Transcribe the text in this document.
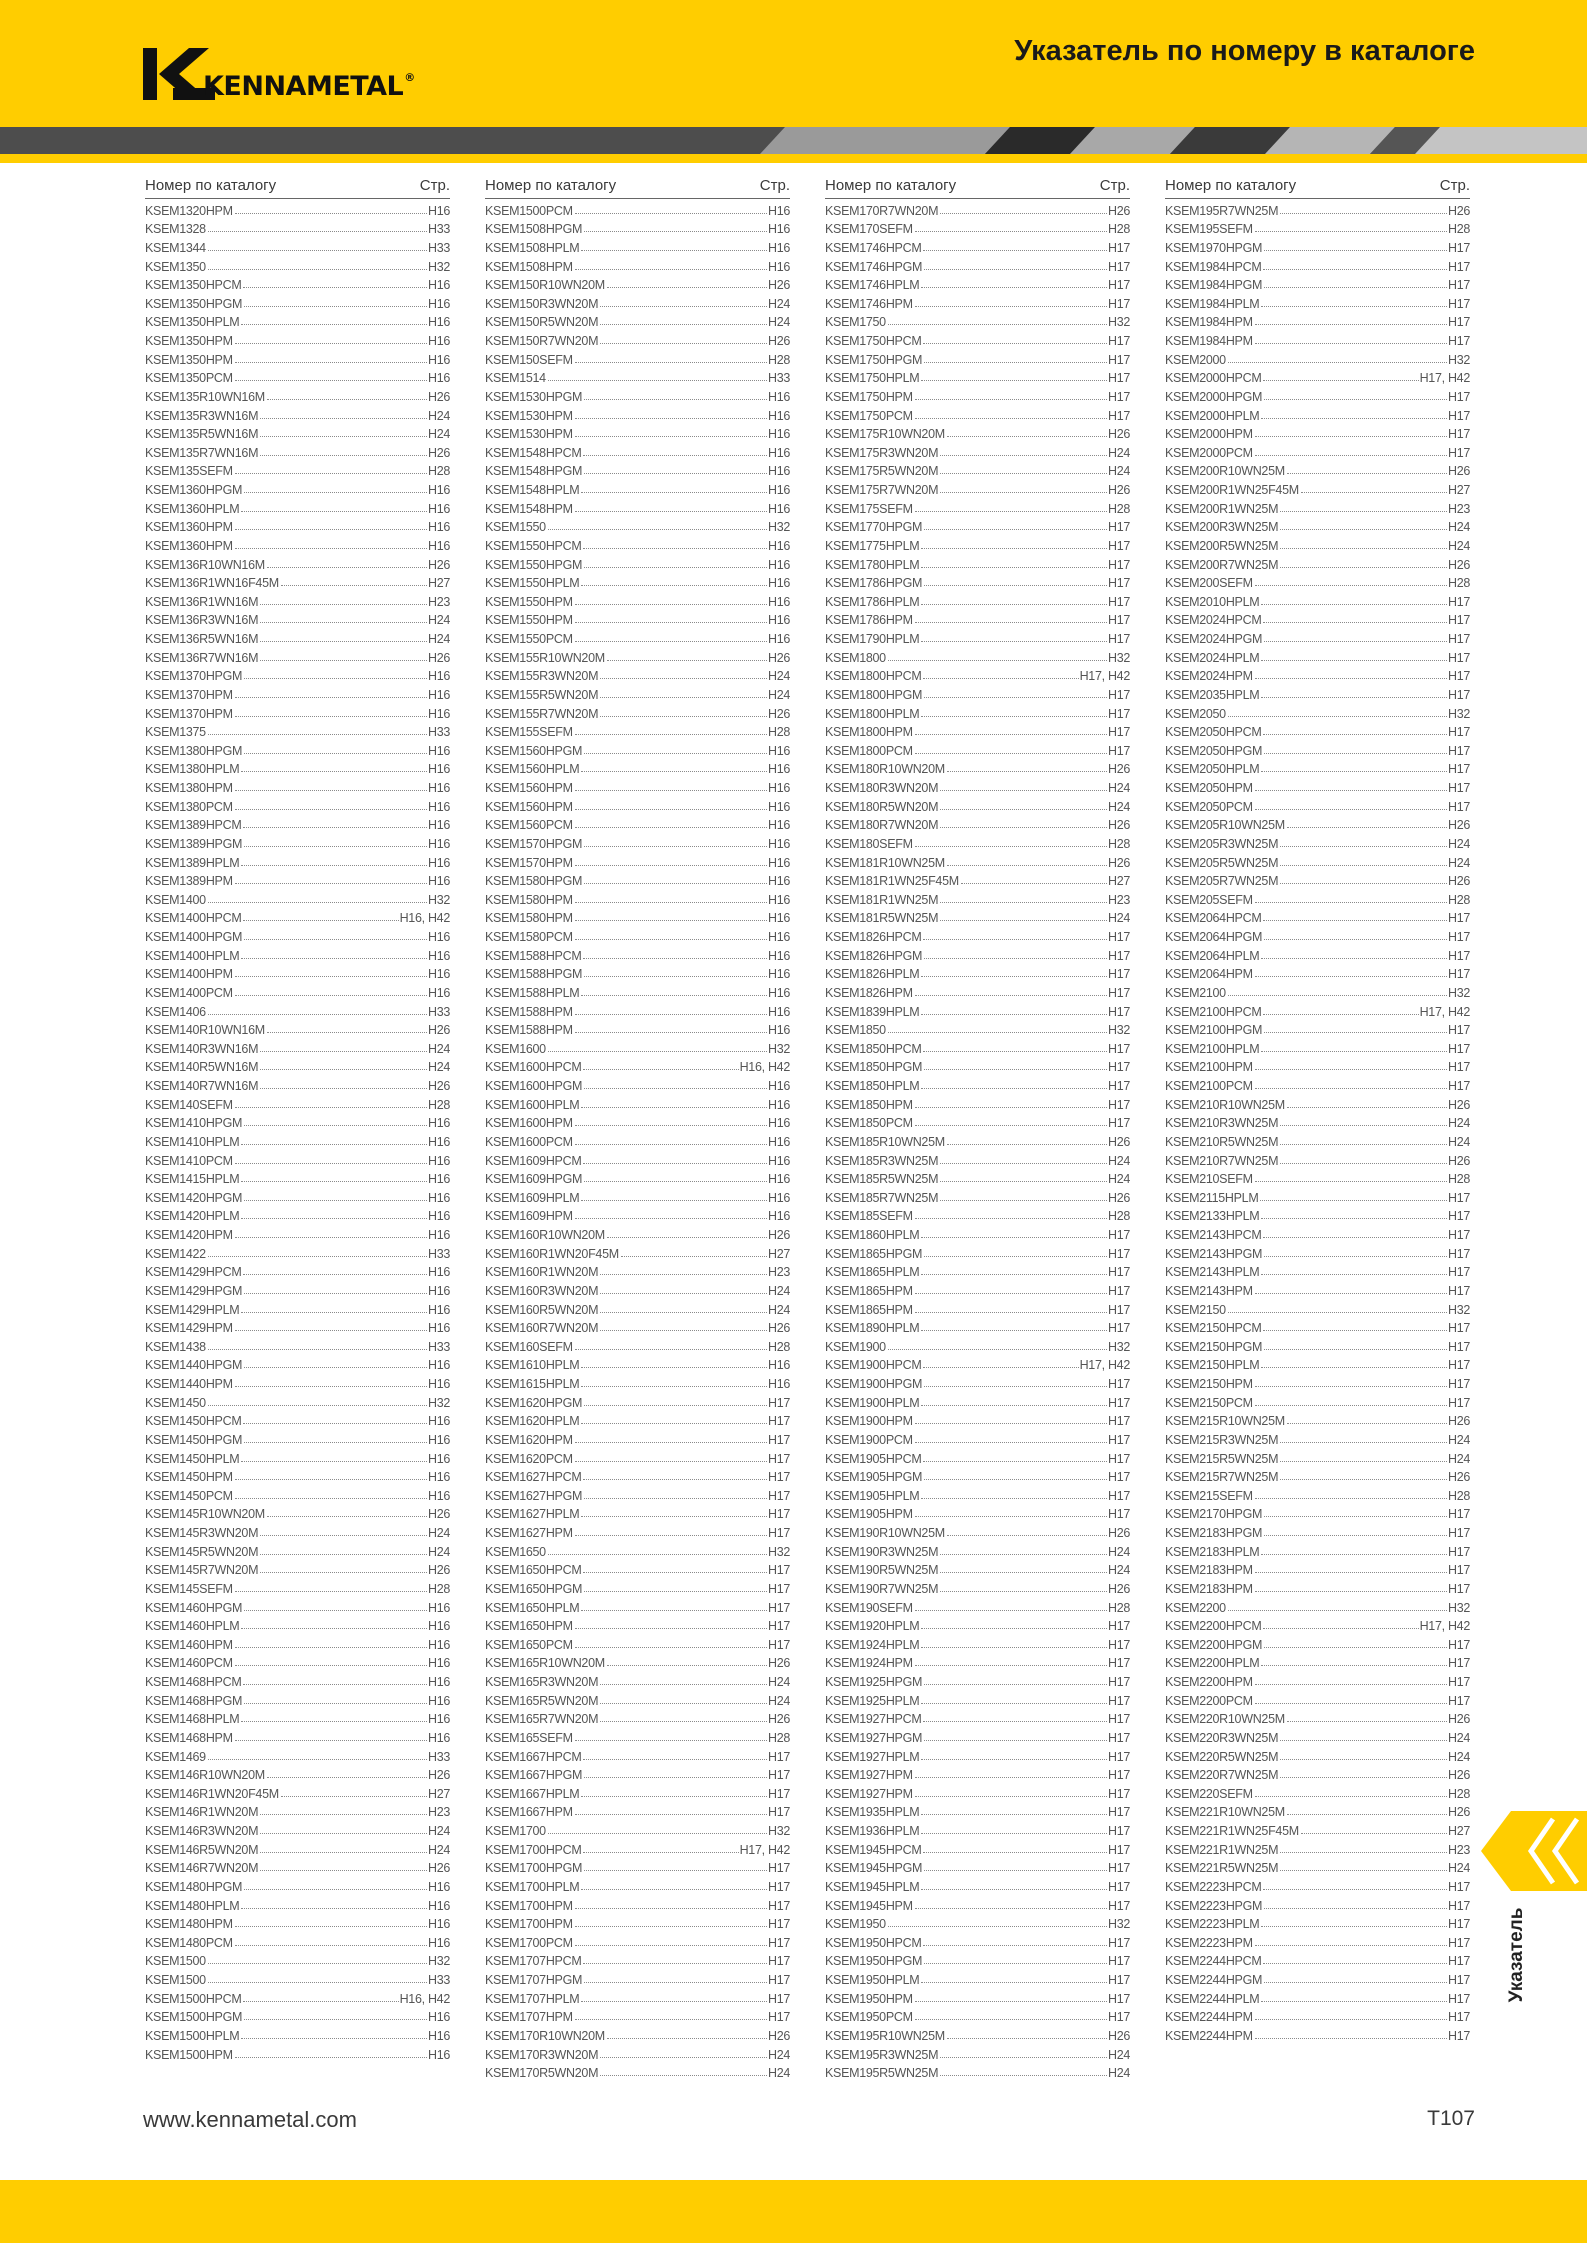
KENNAMETAL®
Указатель по номеру в каталоге
Номер по каталогу	Стр.
KSEM1320HPM	H16
KSEM1328	H33
KSEM1344	H33
KSEM1350	H32
KSEM1350HPCM	H16
KSEM1350HPGM	H16
KSEM1350HPLM	H16
KSEM1350HPM	H16
KSEM1350HPM	H16
KSEM1350PCM	H16
KSEM135R10WN16M	H26
KSEM135R3WN16M	H24
KSEM135R5WN16M	H24
KSEM135R7WN16M	H26
KSEM135SEFM	H28
KSEM1360HPGM	H16
KSEM1360HPLM	H16
KSEM1360HPM	H16
KSEM1360HPM	H16
KSEM136R10WN16M	H26
KSEM136R1WN16F45M	H27
KSEM136R1WN16M	H23
KSEM136R3WN16M	H24
KSEM136R5WN16M	H24
KSEM136R7WN16M	H26
KSEM1370HPGM	H16
KSEM1370HPM	H16
KSEM1370HPM	H16
KSEM1375	H33
KSEM1380HPGM	H16
KSEM1380HPLM	H16
KSEM1380HPM	H16
KSEM1380PCM	H16
KSEM1389HPCM	H16
KSEM1389HPGM	H16
KSEM1389HPLM	H16
KSEM1389HPM	H16
KSEM1400	H32
KSEM1400HPCM	H16, H42
KSEM1400HPGM	H16
KSEM1400HPLM	H16
KSEM1400HPM	H16
KSEM1400PCM	H16
KSEM1406	H33
KSEM140R10WN16M	H26
KSEM140R3WN16M	H24
KSEM140R5WN16M	H24
KSEM140R7WN16M	H26
KSEM140SEFM	H28
KSEM1410HPGM	H16
KSEM1410HPLM	H16
KSEM1410PCM	H16
KSEM1415HPLM	H16
KSEM1420HPGM	H16
KSEM1420HPLM	H16
KSEM1420HPM	H16
KSEM1422	H33
KSEM1429HPCM	H16
KSEM1429HPGM	H16
KSEM1429HPLM	H16
KSEM1429HPM	H16
KSEM1438	H33
KSEM1440HPGM	H16
KSEM1440HPM	H16
KSEM1450	H32
KSEM1450HPCM	H16
KSEM1450HPGM	H16
KSEM1450HPLM	H16
KSEM1450HPM	H16
KSEM1450PCM	H16
KSEM145R10WN20M	H26
KSEM145R3WN20M	H24
KSEM145R5WN20M	H24
KSEM145R7WN20M	H26
KSEM145SEFM	H28
KSEM1460HPGM	H16
KSEM1460HPLM	H16
KSEM1460HPM	H16
KSEM1460PCM	H16
KSEM1468HPCM	H16
KSEM1468HPGM	H16
KSEM1468HPLM	H16
KSEM1468HPM	H16
KSEM1469	H33
KSEM146R10WN20M	H26
KSEM146R1WN20F45M	H27
KSEM146R1WN20M	H23
KSEM146R3WN20M	H24
KSEM146R5WN20M	H24
KSEM146R7WN20M	H26
KSEM1480HPGM	H16
KSEM1480HPLM	H16
KSEM1480HPM	H16
KSEM1480PCM	H16
KSEM1500	H32
KSEM1500	H33
KSEM1500HPCM	H16, H42
KSEM1500HPGM	H16
KSEM1500HPLM	H16
KSEM1500HPM	H16
Номер по каталогу	Стр.
KSEM1500PCM	H16
KSEM1508HPGM	H16
KSEM1508HPLM	H16
KSEM1508HPM	H16
KSEM150R10WN20M	H26
KSEM150R3WN20M	H24
KSEM150R5WN20M	H24
KSEM150R7WN20M	H26
KSEM150SEFM	H28
KSEM1514	H33
KSEM1530HPGM	H16
KSEM1530HPM	H16
KSEM1530HPM	H16
KSEM1548HPCM	H16
KSEM1548HPGM	H16
KSEM1548HPLM	H16
KSEM1548HPM	H16
KSEM1550	H32
KSEM1550HPCM	H16
KSEM1550HPGM	H16
KSEM1550HPLM	H16
KSEM1550HPM	H16
KSEM1550HPM	H16
KSEM1550PCM	H16
KSEM155R10WN20M	H26
KSEM155R3WN20M	H24
KSEM155R5WN20M	H24
KSEM155R7WN20M	H26
KSEM155SEFM	H28
KSEM1560HPGM	H16
KSEM1560HPLM	H16
KSEM1560HPM	H16
KSEM1560HPM	H16
KSEM1560PCM	H16
KSEM1570HPGM	H16
KSEM1570HPM	H16
KSEM1580HPGM	H16
KSEM1580HPM	H16
KSEM1580HPM	H16
KSEM1580PCM	H16
KSEM1588HPCM	H16
KSEM1588HPGM	H16
KSEM1588HPLM	H16
KSEM1588HPM	H16
KSEM1588HPM	H16
KSEM1600	H32
KSEM1600HPCM	H16, H42
KSEM1600HPGM	H16
KSEM1600HPLM	H16
KSEM1600HPM	H16
KSEM1600PCM	H16
KSEM1609HPCM	H16
KSEM1609HPGM	H16
KSEM1609HPLM	H16
KSEM1609HPM	H16
KSEM160R10WN20M	H26
KSEM160R1WN20F45M	H27
KSEM160R1WN20M	H23
KSEM160R3WN20M	H24
KSEM160R5WN20M	H24
KSEM160R7WN20M	H26
KSEM160SEFM	H28
KSEM1610HPLM	H16
KSEM1615HPLM	H16
KSEM1620HPGM	H17
KSEM1620HPLM	H17
KSEM1620HPM	H17
KSEM1620PCM	H17
KSEM1627HPCM	H17
KSEM1627HPGM	H17
KSEM1627HPLM	H17
KSEM1627HPM	H17
KSEM1650	H32
KSEM1650HPCM	H17
KSEM1650HPGM	H17
KSEM1650HPLM	H17
KSEM1650HPM	H17
KSEM1650PCM	H17
KSEM165R10WN20M	H26
KSEM165R3WN20M	H24
KSEM165R5WN20M	H24
KSEM165R7WN20M	H26
KSEM165SEFM	H28
KSEM1667HPCM	H17
KSEM1667HPGM	H17
KSEM1667HPLM	H17
KSEM1667HPM	H17
KSEM1700	H32
KSEM1700HPCM	H17, H42
KSEM1700HPGM	H17
KSEM1700HPLM	H17
KSEM1700HPM	H17
KSEM1700HPM	H17
KSEM1700PCM	H17
KSEM1707HPCM	H17
KSEM1707HPGM	H17
KSEM1707HPLM	H17
KSEM1707HPM	H17
KSEM170R10WN20M	H26
KSEM170R3WN20M	H24
KSEM170R5WN20M	H24
Номер по каталогу	Стр.
KSEM170R7WN20M	H26
KSEM170SEFM	H28
KSEM1746HPCM	H17
KSEM1746HPGM	H17
KSEM1746HPLM	H17
KSEM1746HPM	H17
KSEM1750	H32
KSEM1750HPCM	H17
KSEM1750HPGM	H17
KSEM1750HPLM	H17
KSEM1750HPM	H17
KSEM1750PCM	H17
KSEM175R10WN20M	H26
KSEM175R3WN20M	H24
KSEM175R5WN20M	H24
KSEM175R7WN20M	H26
KSEM175SEFM	H28
KSEM1770HPGM	H17
KSEM1775HPLM	H17
KSEM1780HPLM	H17
KSEM1786HPGM	H17
KSEM1786HPLM	H17
KSEM1786HPM	H17
KSEM1790HPLM	H17
KSEM1800	H32
KSEM1800HPCM	H17, H42
KSEM1800HPGM	H17
KSEM1800HPLM	H17
KSEM1800HPM	H17
KSEM1800PCM	H17
KSEM180R10WN20M	H26
KSEM180R3WN20M	H24
KSEM180R5WN20M	H24
KSEM180R7WN20M	H26
KSEM180SEFM	H28
KSEM181R10WN25M	H26
KSEM181R1WN25F45M	H27
KSEM181R1WN25M	H23
KSEM181R5WN25M	H24
KSEM1826HPCM	H17
KSEM1826HPGM	H17
KSEM1826HPLM	H17
KSEM1826HPM	H17
KSEM1839HPLM	H17
KSEM1850	H32
KSEM1850HPCM	H17
KSEM1850HPGM	H17
KSEM1850HPLM	H17
KSEM1850HPM	H17
KSEM1850PCM	H17
KSEM185R10WN25M	H26
KSEM185R3WN25M	H24
KSEM185R5WN25M	H24
KSEM185R7WN25M	H26
KSEM185SEFM	H28
KSEM1860HPLM	H17
KSEM1865HPGM	H17
KSEM1865HPLM	H17
KSEM1865HPM	H17
KSEM1865HPM	H17
KSEM1890HPLM	H17
KSEM1900	H32
KSEM1900HPCM	H17, H42
KSEM1900HPGM	H17
KSEM1900HPLM	H17
KSEM1900HPM	H17
KSEM1900PCM	H17
KSEM1905HPCM	H17
KSEM1905HPGM	H17
KSEM1905HPLM	H17
KSEM1905HPM	H17
KSEM190R10WN25M	H26
KSEM190R3WN25M	H24
KSEM190R5WN25M	H24
KSEM190R7WN25M	H26
KSEM190SEFM	H28
KSEM1920HPLM	H17
KSEM1924HPLM	H17
KSEM1924HPM	H17
KSEM1925HPGM	H17
KSEM1925HPLM	H17
KSEM1927HPCM	H17
KSEM1927HPGM	H17
KSEM1927HPLM	H17
KSEM1927HPM	H17
KSEM1927HPM	H17
KSEM1935HPLM	H17
KSEM1936HPLM	H17
KSEM1945HPCM	H17
KSEM1945HPGM	H17
KSEM1945HPLM	H17
KSEM1945HPM	H17
KSEM1950	H32
KSEM1950HPCM	H17
KSEM1950HPGM	H17
KSEM1950HPLM	H17
KSEM1950HPM	H17
KSEM1950PCM	H17
KSEM195R10WN25M	H26
KSEM195R3WN25M	H24
KSEM195R5WN25M	H24
Номер по каталогу	Стр.
KSEM195R7WN25M	H26
KSEM195SEFM	H28
KSEM1970HPGM	H17
KSEM1984HPCM	H17
KSEM1984HPGM	H17
KSEM1984HPLM	H17
KSEM1984HPM	H17
KSEM1984HPM	H17
KSEM2000	H32
KSEM2000HPCM	H17, H42
KSEM2000HPGM	H17
KSEM2000HPLM	H17
KSEM2000HPM	H17
KSEM2000PCM	H17
KSEM200R10WN25M	H26
KSEM200R1WN25F45M	H27
KSEM200R1WN25M	H23
KSEM200R3WN25M	H24
KSEM200R5WN25M	H24
KSEM200R7WN25M	H26
KSEM200SEFM	H28
KSEM2010HPLM	H17
KSEM2024HPCM	H17
KSEM2024HPGM	H17
KSEM2024HPLM	H17
KSEM2024HPM	H17
KSEM2035HPLM	H17
KSEM2050	H32
KSEM2050HPCM	H17
KSEM2050HPGM	H17
KSEM2050HPLM	H17
KSEM2050HPM	H17
KSEM2050PCM	H17
KSEM205R10WN25M	H26
KSEM205R3WN25M	H24
KSEM205R5WN25M	H24
KSEM205R7WN25M	H26
KSEM205SEFM	H28
KSEM2064HPCM	H17
KSEM2064HPGM	H17
KSEM2064HPLM	H17
KSEM2064HPM	H17
KSEM2100	H32
KSEM2100HPCM	H17, H42
KSEM2100HPGM	H17
KSEM2100HPLM	H17
KSEM2100HPM	H17
KSEM2100PCM	H17
KSEM210R10WN25M	H26
KSEM210R3WN25M	H24
KSEM210R5WN25M	H24
KSEM210R7WN25M	H26
KSEM210SEFM	H28
KSEM2115HPLM	H17
KSEM2133HPLM	H17
KSEM2143HPCM	H17
KSEM2143HPGM	H17
KSEM2143HPLM	H17
KSEM2143HPM	H17
KSEM2150	H32
KSEM2150HPCM	H17
KSEM2150HPGM	H17
KSEM2150HPLM	H17
KSEM2150HPM	H17
KSEM2150PCM	H17
KSEM215R10WN25M	H26
KSEM215R3WN25M	H24
KSEM215R5WN25M	H24
KSEM215R7WN25M	H26
KSEM215SEFM	H28
KSEM2170HPGM	H17
KSEM2183HPGM	H17
KSEM2183HPLM	H17
KSEM2183HPM	H17
KSEM2183HPM	H17
KSEM2200	H32
KSEM2200HPCM	H17, H42
KSEM2200HPGM	H17
KSEM2200HPLM	H17
KSEM2200HPM	H17
KSEM2200PCM	H17
KSEM220R10WN25M	H26
KSEM220R3WN25M	H24
KSEM220R5WN25M	H24
KSEM220R7WN25M	H26
KSEM220SEFM	H28
KSEM221R10WN25M	H26
KSEM221R1WN25F45M	H27
KSEM221R1WN25M	H23
KSEM221R5WN25M	H24
KSEM2223HPCM	H17
KSEM2223HPGM	H17
KSEM2223HPLM	H17
KSEM2223HPM	H17
KSEM2244HPCM	H17
KSEM2244HPGM	H17
KSEM2244HPLM	H17
KSEM2244HPM	H17
KSEM2244HPM	H17
Указатель
www.kennametal.com	T107
